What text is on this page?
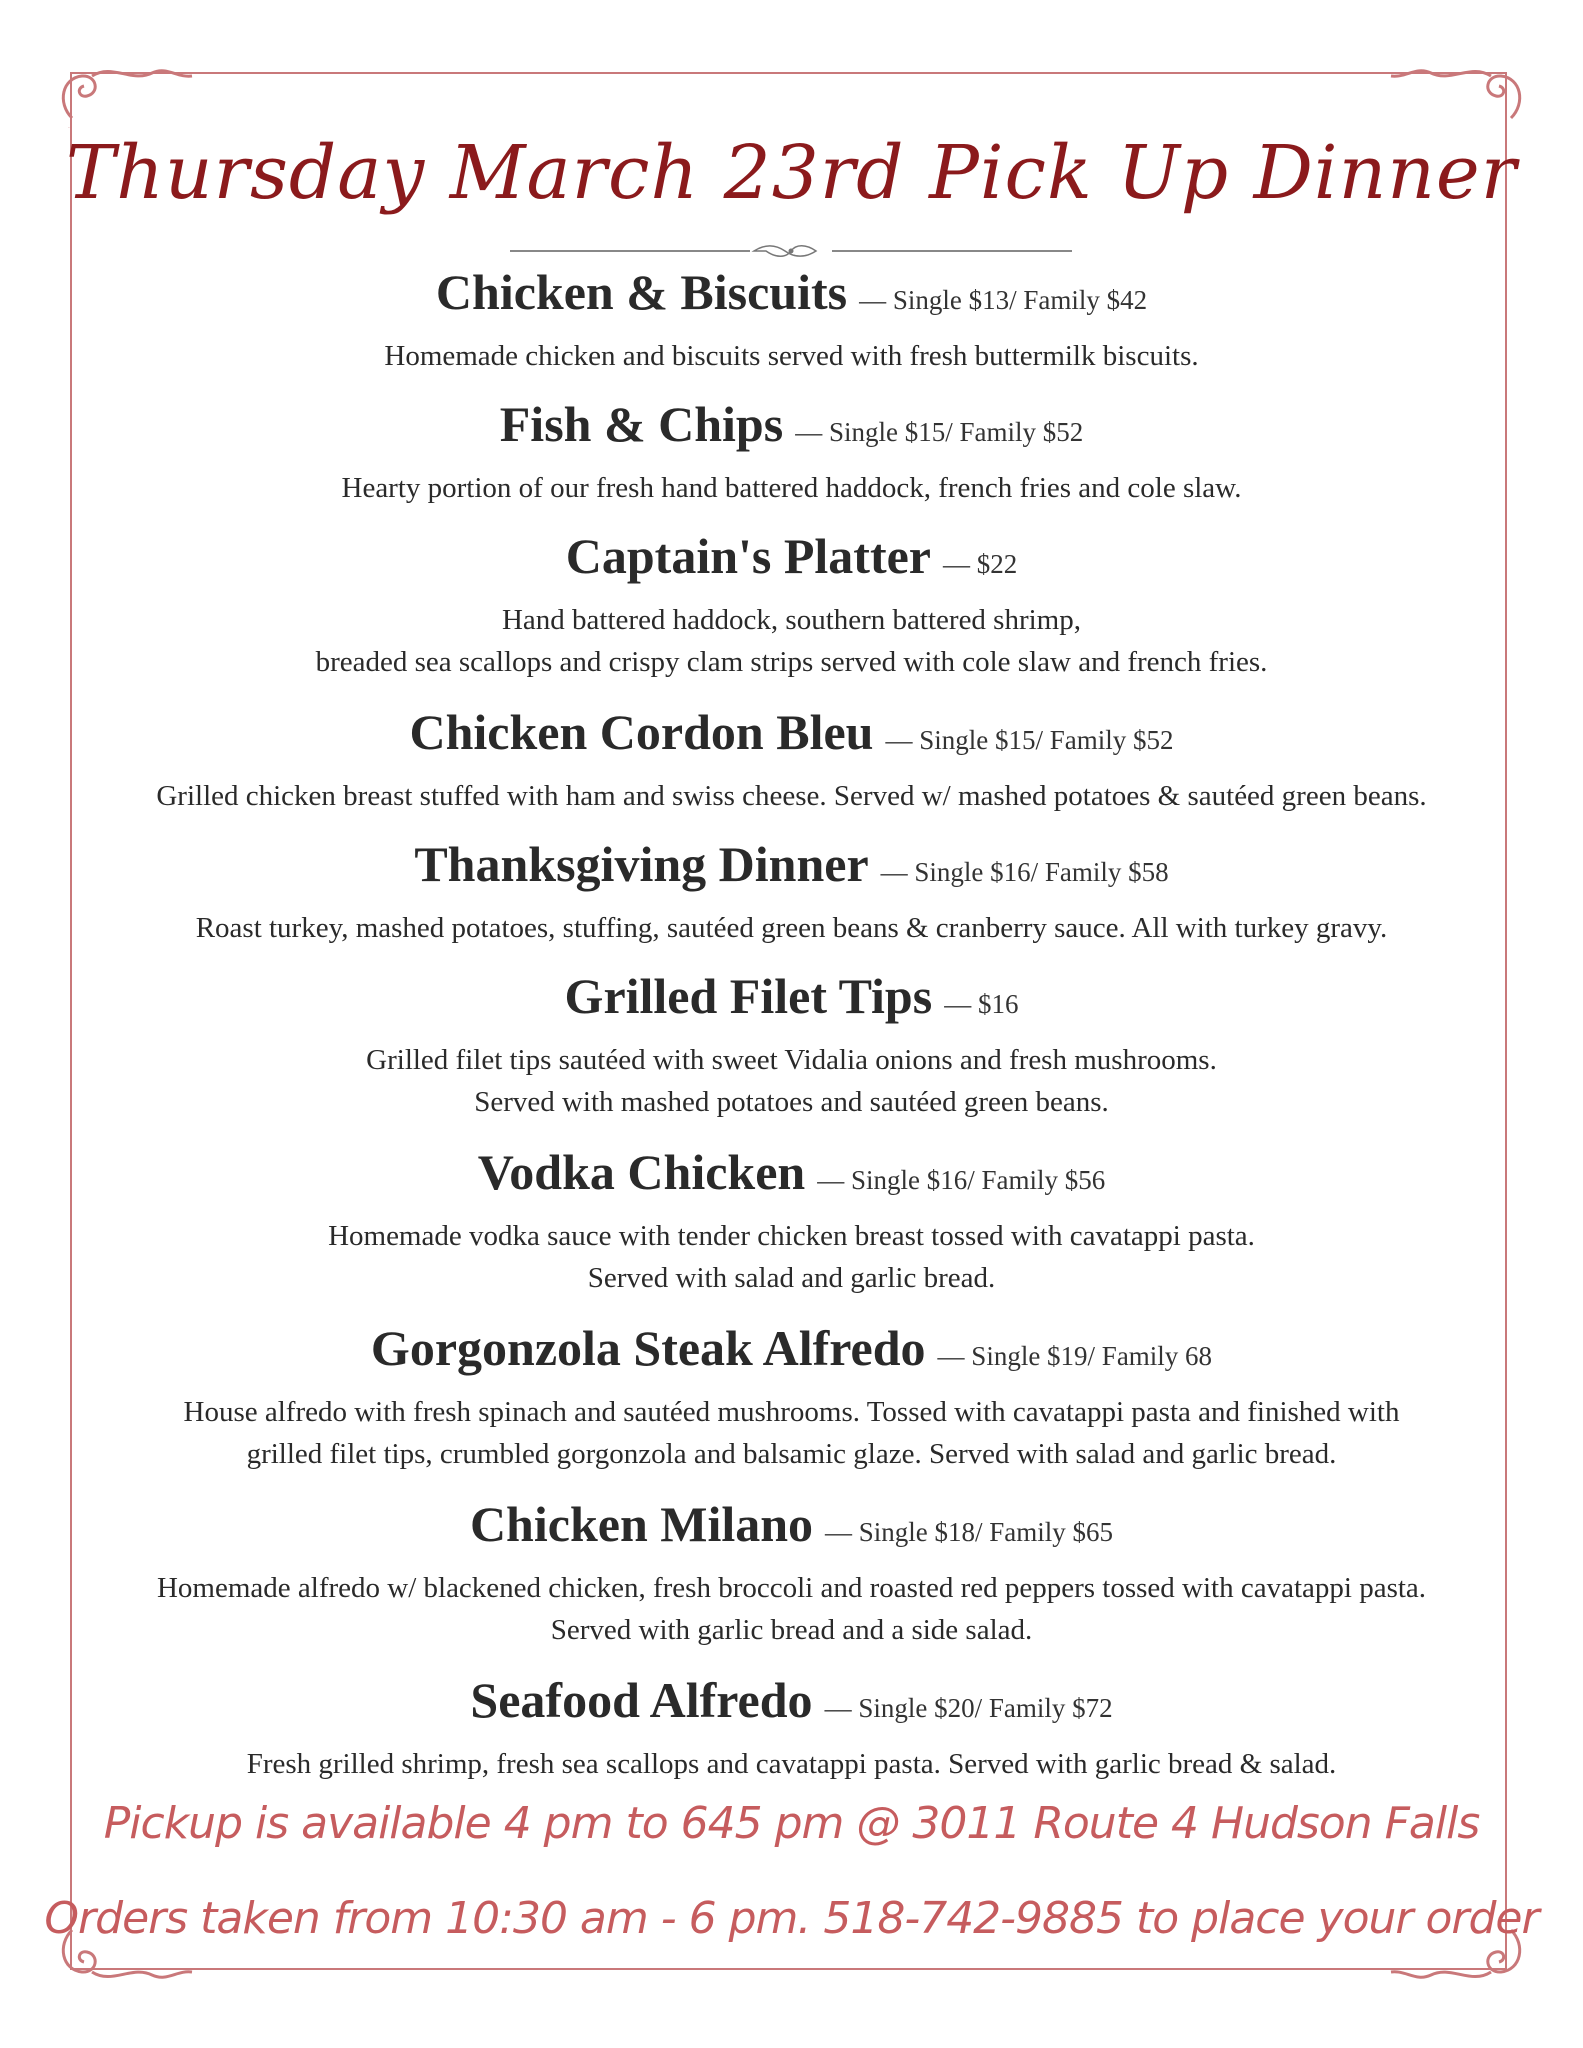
Thursday March 23rd Pick Up Dinner
Chicken & Biscuits — Single $13/ Family $42
Homemade chicken and biscuits served with fresh buttermilk biscuits.
Fish & Chips — Single $15/ Family $52
Hearty portion of our fresh hand battered haddock, french fries and cole slaw.
Captain's Platter — $22
Hand battered haddock, southern battered shrimp,
breaded sea scallops and crispy clam strips served with cole slaw and french fries.
Chicken Cordon Bleu — Single $15/ Family $52
Grilled chicken breast stuffed with ham and swiss cheese. Served w/ mashed potatoes & sautéed green beans.
Thanksgiving Dinner — Single $16/ Family $58
Roast turkey, mashed potatoes, stuffing, sautéed green beans & cranberry sauce. All with turkey gravy.
Grilled Filet Tips — $16
Grilled filet tips sautéed with sweet Vidalia onions and fresh mushrooms.
Served with mashed potatoes and sautéed green beans.
Vodka Chicken — Single $16/ Family $56
Homemade vodka sauce with tender chicken breast tossed with cavatappi pasta.
Served with salad and garlic bread.
Gorgonzola Steak Alfredo — Single $19/ Family 68
House alfredo with fresh spinach and sautéed mushrooms. Tossed with cavatappi pasta and finished with
grilled filet tips, crumbled gorgonzola and balsamic glaze. Served with salad and garlic bread.
Chicken Milano — Single $18/ Family $65
Homemade alfredo w/ blackened chicken, fresh broccoli and roasted red peppers tossed with cavatappi pasta.
Served with garlic bread and a side salad.
Seafood Alfredo — Single $20/ Family $72
Fresh grilled shrimp, fresh sea scallops and cavatappi pasta. Served with garlic bread & salad.
Pickup is available 4 pm to 645 pm @ 3011 Route 4 Hudson Falls
Orders taken from 10:30 am - 6 pm. 518-742-9885 to place your order
